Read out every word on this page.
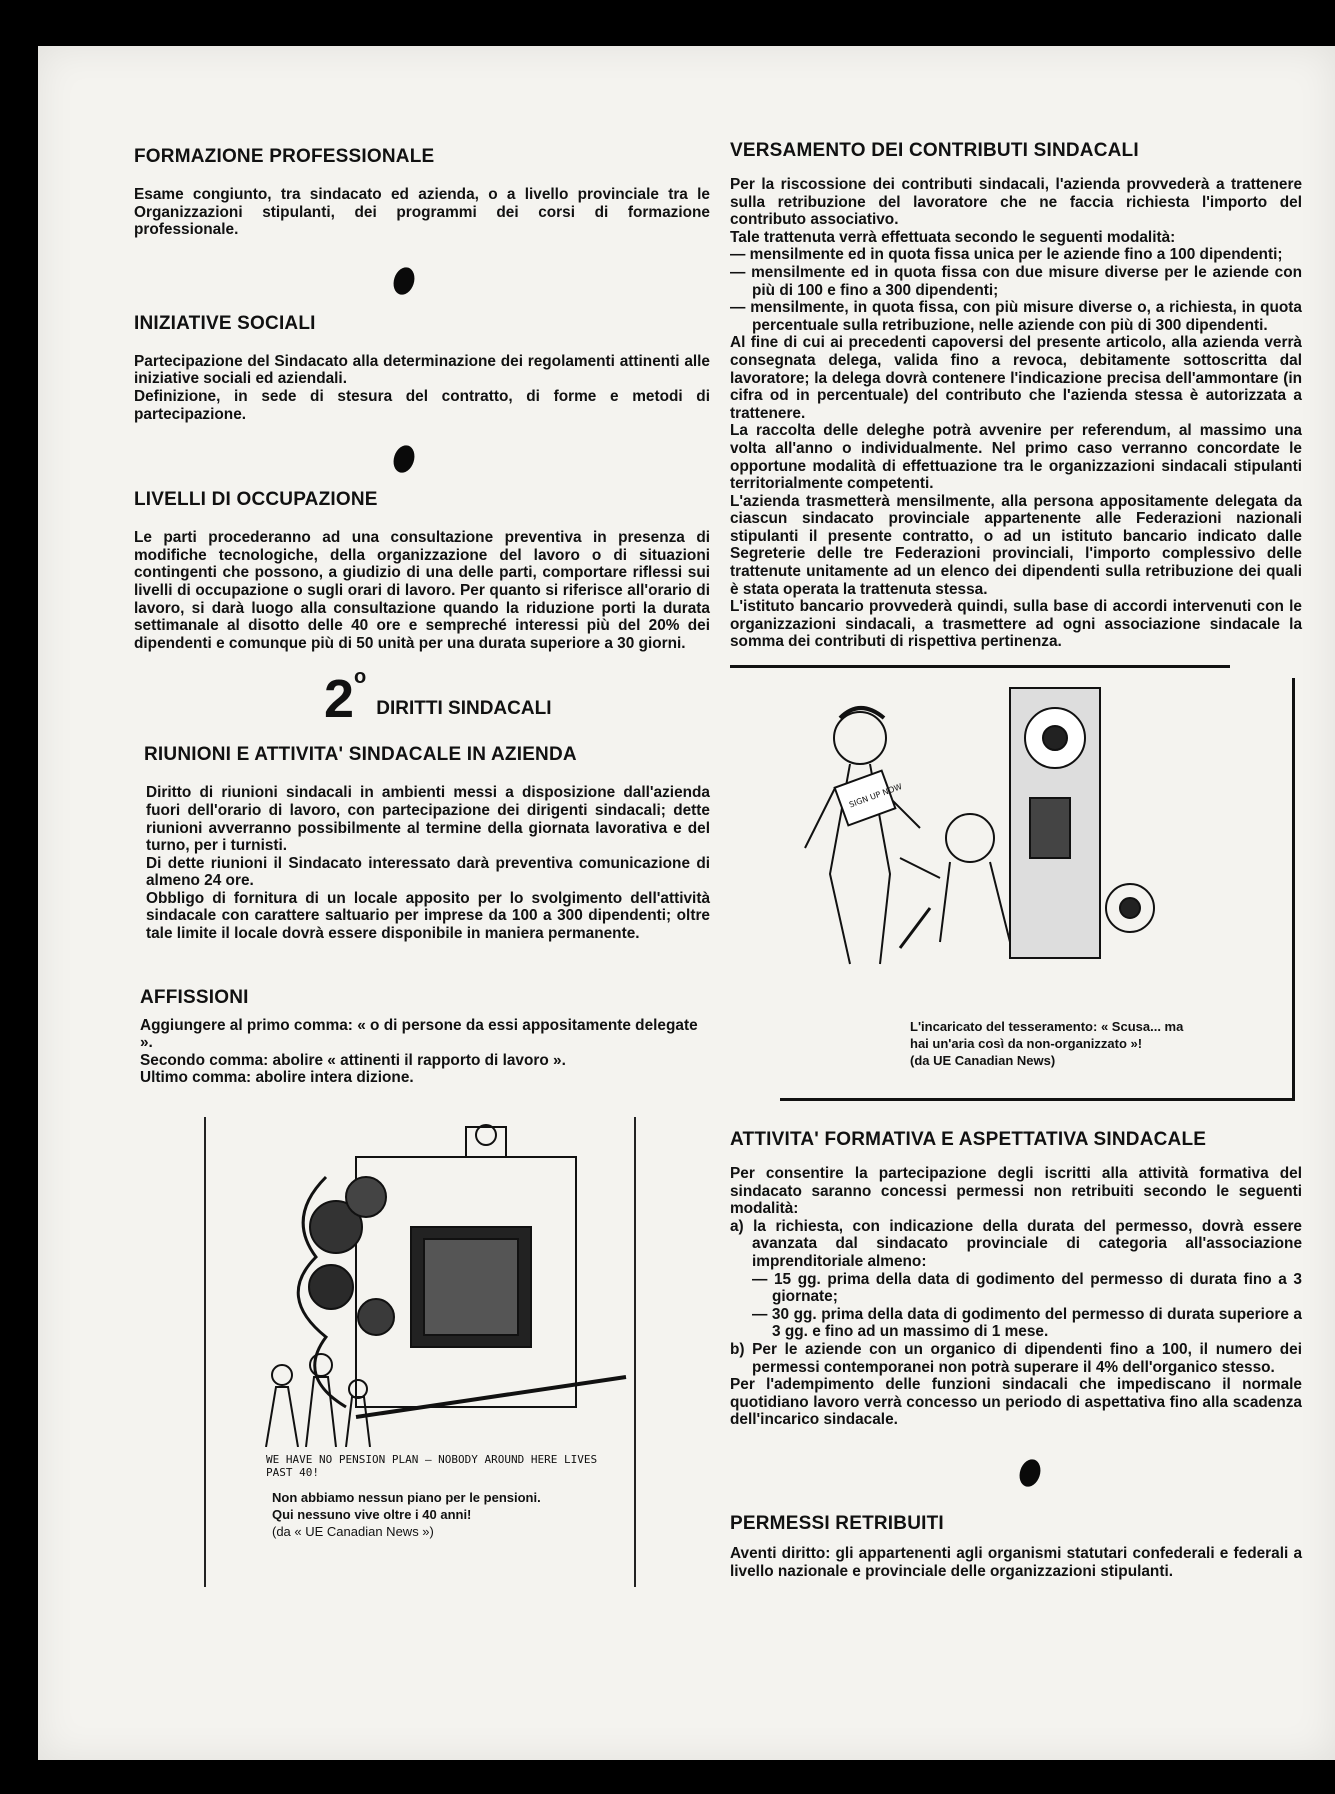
FORMAZIONE PROFESSIONALE

Esame congiunto, tra sindacato ed azienda, o a livello provinciale tra le Organizzazioni stipulanti, dei programmi dei corsi di formazione professionale.

INIZIATIVE SOCIALI

Partecipazione del Sindacato alla determinazione dei regolamenti attinenti alle iniziative sociali ed aziendali.

Definizione, in sede di stesura del contratto, di forme e metodi di partecipazione.

LIVELLI DI OCCUPAZIONE

Le parti procederanno ad una consultazione preventiva in presenza di modifiche tecnologiche, della organizzazione del lavoro o di situazioni contingenti che possono, a giudizio di una delle parti, comportare riflessi sui livelli di occupazione o sugli orari di lavoro. Per quanto si riferisce all'orario di lavoro, si darà luogo alla consultazione quando la riduzione porti la durata settimanale al disotto delle 40 ore e sempreché interessi più del 20% dei dipendenti e comunque più di 50 unità per una durata superiore a 30 giorni.

2$^o$
DIRITTI SINDACALI
RIUNIONI E ATTIVITA' SINDACALE IN AZIENDA

Diritto di riunioni sindacali in ambienti messi a disposizione dall'azienda fuori dell'orario di lavoro, con partecipazione dei dirigenti sindacali; dette riunioni avverranno possibilmente al termine della giornata lavorativa e del turno, per i turnisti.

Di dette riunioni il Sindacato interessato darà preventiva comunicazione di almeno 24 ore.

Obbligo di fornitura di un locale apposito per lo svolgimento dell'attività sindacale con carattere saltuario per imprese da 100 a 300 dipendenti; oltre tale limite il locale dovrà essere disponibile in maniera permanente.

AFFISSIONI

Aggiungere al primo comma: « o di persone da essi appositamente delegate ».

Secondo comma: abolire « attinenti il rapporto di lavoro ».

Ultimo comma: abolire intera dizione.

WE HAVE NO PENSION PLAN — NOBODY AROUND HERE LIVES PAST 40!
Non abbiamo nessun piano per le pensioni.
Qui nessuno vive oltre i 40 anni!
(da « UE Canadian News »)
VERSAMENTO DEI CONTRIBUTI SINDACALI

Per la riscossione dei contributi sindacali, l'azienda provvederà a trattenere sulla retribuzione del lavoratore che ne faccia richiesta l'importo del contributo associativo.

Tale trattenuta verrà effettuata secondo le seguenti modalità:

— mensilmente ed in quota fissa unica per le aziende fino a 100 dipendenti;
— mensilmente ed in quota fissa con due misure diverse per le aziende con più di 100 e fino a 300 dipendenti;
— mensilmente, in quota fissa, con più misure diverse o, a richiesta, in quota percentuale sulla retribuzione, nelle aziende con più di 300 dipendenti.

Al fine di cui ai precedenti capoversi del presente articolo, alla azienda verrà consegnata delega, valida fino a revoca, debitamente sottoscritta dal lavoratore; la delega dovrà contenere l'indicazione precisa dell'ammontare (in cifra od in percentuale) del contributo che l'azienda stessa è autorizzata a trattenere.

La raccolta delle deleghe potrà avvenire per referendum, al massimo una volta all'anno o individualmente. Nel primo caso verranno concordate le opportune modalità di effettuazione tra le organizzazioni sindacali stipulanti territorialmente competenti.

L'azienda trasmetterà mensilmente, alla persona appositamente delegata da ciascun sindacato provinciale appartenente alle Federazioni nazionali stipulanti il presente contratto, o ad un istituto bancario indicato dalle Segreterie delle tre Federazioni provinciali, l'importo complessivo delle trattenute unitamente ad un elenco dei dipendenti sulla retribuzione dei quali è stata operata la trattenuta stessa.

L'istituto bancario provvederà quindi, sulla base di accordi intervenuti con le organizzazioni sindacali, a trasmettere ad ogni associazione sindacale la somma dei contributi di rispettiva pertinenza.

SIGN UP NOW
L'incaricato del tesseramento: « Scusa... ma hai un'aria così da non-organizzato »!
(da UE Canadian News)
ATTIVITA' FORMATIVA E ASPETTATIVA SINDACALE

Per consentire la partecipazione degli iscritti alla attività formativa del sindacato saranno concessi permessi non retribuiti secondo le seguenti modalità:

a) la richiesta, con indicazione della durata del permesso, dovrà essere avanzata dal sindacato provinciale di categoria all'associazione imprenditoriale almeno:
— 15 gg. prima della data di godimento del permesso di durata fino a 3 giornate;
— 30 gg. prima della data di godimento del permesso di durata superiore a 3 gg. e fino ad un massimo di 1 mese.
b) Per le aziende con un organico di dipendenti fino a 100, il numero dei permessi contemporanei non potrà superare il 4% dell'organico stesso.

Per l'adempimento delle funzioni sindacali che impediscano il normale quotidiano lavoro verrà concesso un periodo di aspettativa fino alla scadenza dell'incarico sindacale.

PERMESSI RETRIBUITI

Aventi diritto: gli appartenenti agli organismi statutari confederali e federali a livello nazionale e provinciale delle organizzazioni stipulanti.
